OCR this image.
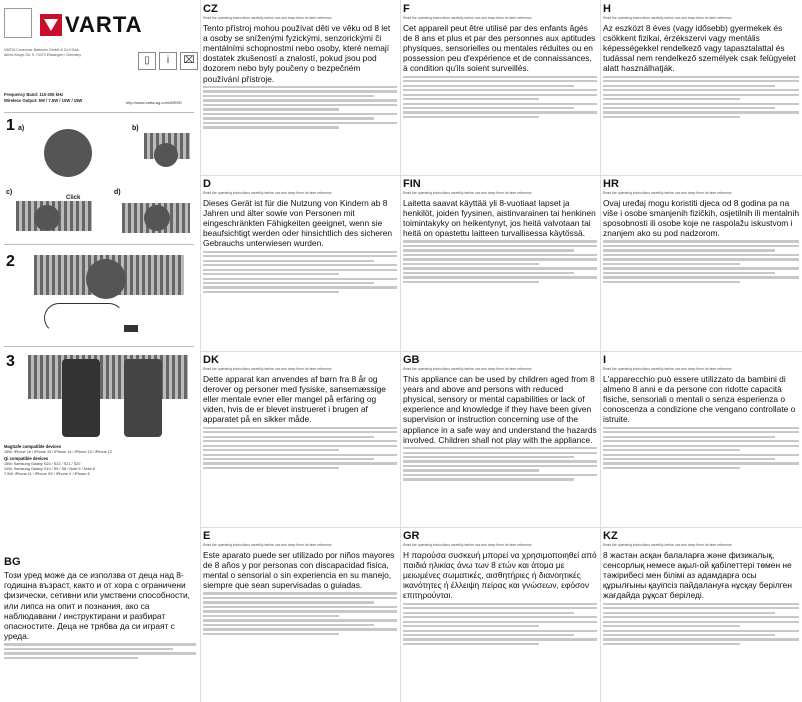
VARTA
VARTA Consumer Batteries GmbH & Co KGaA
Alfred-Krupp-Str. 9, 73479 Ellwangen / Germany	▯	i	⌧
Frequency Band: 110-205 kHz
Wireless Output: 5W / 7.5W / 10W / 15W	http://www.varta-ag.com/WEEE
1 a)	b)
c)	d)
Click
2
3
MagSafe compatible devices
15W: iPhone 16 / iPhone 15 / iPhone 14 / iPhone 13 / iPhone 12
Qi compatible devices
15W: Samsung Galaxy S23 / S22 / S21 / S20
10W: Samsung Galaxy S10 / S9 / S8 / Note 9 / Note 8
7.5W: iPhone 11 / iPhone XS / iPhone X / iPhone 8
BG
Този уред може да се използва от деца над 8-годишна възраст, както и от хора с ограничени физически, сетивни или умствени способности, или липса на опит и познания, ако са наблюдавани / инструктирани и разбират опасностите. Деца не трябва да си играят с уреда.
CZ
Read the operating instructions carefully before use and keep them for later reference.
Tento přístroj mohou používat děti ve věku od 8 let a osoby se sníženými fyzickými, senzorickými či mentálními schopnostmi nebo osoby, které nemají dostatek zkušeností a znalostí, pokud jsou pod dozorem nebo byly poučeny o bezpečném používání přístroje.
F
Read the operating instructions carefully before use and keep them for later reference.
Cet appareil peut être utilisé par des enfants âgés de 8 ans et plus et par des personnes aux aptitudes physiques, sensorielles ou mentales réduites ou en possession peu d'expérience et de connaissances, à condition qu'ils soient surveillés.
H
Read the operating instructions carefully before use and keep them for later reference.
Az eszközt 8 éves (vagy idősebb) gyermekek és csökkent fizikai, érzékszervi vagy mentális képességekkel rendelkező vagy tapasztalattal és tudással nem rendelkező személyek csak felügyelet alatt használhatják.
D
Read the operating instructions carefully before use and keep them for later reference.
Dieses Gerät ist für die Nutzung von Kindern ab 8 Jahren und älter sowie von Personen mit eingeschränkten Fähigkeiten geeignet, wenn sie beaufsichtigt werden oder hinsichtlich des sicheren Gebrauchs unterwiesen wurden.
FIN
Read the operating instructions carefully before use and keep them for later reference.
Laitetta saavat käyttää yli 8-vuotiaat lapset ja henkilöt, joiden fyysinen, aistinvarainen tai henkinen toimintakyky on heikentynyt, jos heitä valvotaan tai heitä on opastettu laitteen turvallisessa käytössä.
HR
Read the operating instructions carefully before use and keep them for later reference.
Ovaj uređaj mogu koristiti djeca od 8 godina pa na više i osobe smanjenih fizičkih, osjetilnih ili mentalnih sposobnosti ili osobe koje ne raspolažu iskustvom i znanjem ako su pod nadzorom.
DK
Read the operating instructions carefully before use and keep them for later reference.
Dette apparat kan anvendes af børn fra 8 år og derover og personer med fysiske, sansemæssige eller mentale evner eller mangel på erfaring og viden, hvis de er blevet instrueret i brugen af apparatet på en sikker måde.
GB
Read the operating instructions carefully before use and keep them for later reference.
This appliance can be used by children aged from 8 years and above and persons with reduced physical, sensory or mental capabilities or lack of experience and knowledge if they have been given supervision or instruction concerning use of the appliance in a safe way and understand the hazards involved. Children shall not play with the appliance.
I
Read the operating instructions carefully before use and keep them for later reference.
L'apparecchio può essere utilizzato da bambini di almeno 8 anni e da persone con ridotte capacità fisiche, sensoriali o mentali o senza esperienza o conoscenza a condizione che vengano controllate o istruite.
E
Read the operating instructions carefully before use and keep them for later reference.
Este aparato puede ser utilizado por niños mayores de 8 años y por personas con discapacidad física, mental o sensorial o sin experiencia en su manejo, siempre que sean supervisadas o guiadas.
GR
Read the operating instructions carefully before use and keep them for later reference.
Η παρούσα συσκευή μπορεί να χρησιμοποιηθεί από παιδιά ηλικίας άνω των 8 ετών και άτομα με μειωμένες σωματικές, αισθητήριες ή διανοητικές ικανότητες ή έλλειψη πείρας και γνώσεων, εφόσον επιτηρούνται.
KZ
Read the operating instructions carefully before use and keep them for later reference.
8 жастан асқан балаларға және физикалық, сенсорлық немесе ақыл-ой қабілеттері төмен не тәжірибесі мен білімі аз адамдарға осы құрылғыны қауіпсіз пайдалануға нұсқау берілген жағдайда рұқсат беріледі.
